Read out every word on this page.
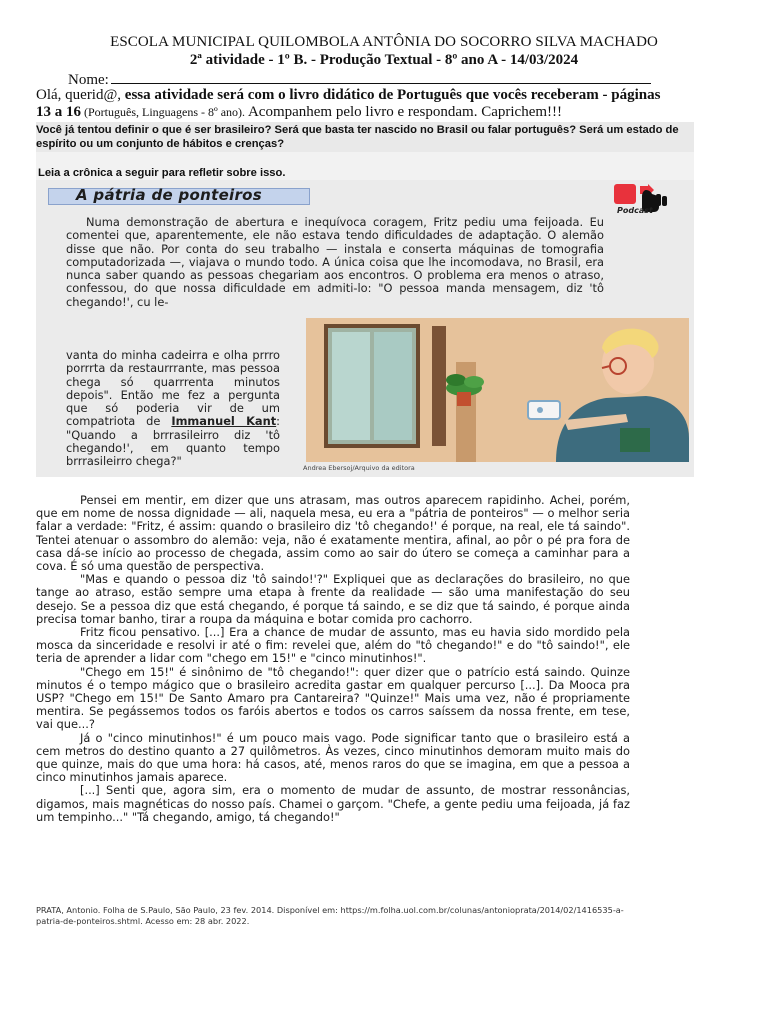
ESCOLA MUNICIPAL QUILOMBOLA ANTÔNIA DO SOCORRO SILVA MACHADO
2ª atividade - 1º B. - Produção Textual - 8º ano A - 14/03/2024
Nome:
Olá, querid@, essa atividade será com o livro didático de Português que vocês receberam - páginas 13 a 16 (Português, Linguagens - 8º ano). Acompanhem pelo livro e respondam. Caprichem!!!
Você já tentou definir o que é ser brasileiro? Será que basta ter nascido no Brasil ou falar português? Será um estado de espírito ou um conjunto de hábitos e crenças?
Leia a crônica a seguir para refletir sobre isso.
A pátria de ponteiros
Podcast

Numa demonstração de abertura e inequívoca coragem, Fritz pediu uma feijoada. Eu comentei que, aparentemente, ele não estava tendo dificuldades de adaptação. O alemão disse que não. Por conta do seu trabalho — instala e conserta máquinas de tomografia computadorizada —, viajava o mundo todo. A única coisa que lhe incomodava, no Brasil, era nunca saber quando as pessoas chegariam aos encontros. O problema era menos o atraso, confessou, do que nossa dificuldade em admiti-lo: "O pessoa manda mensagem, diz 'tô chegando!', cu le-

vanta do minha cadeirra e olha prrro porrrta da restaurrrante, mas pessoa chega só quarrrenta minutos depois". Então me fez a pergunta que só poderia vir de um compatriota de Immanuel Kant: "Quando a brrrasileirro diz 'tô chegando!', em quanto tempo brrrasileirro chega?"	Andrea Ebersoj/Arquivo da editora

Pensei em mentir, em dizer que uns atrasam, mas outros aparecem rapidinho. Achei, porém, que em nome de nossa dignidade — ali, naquela mesa, eu era a "pátria de ponteiros" — o melhor seria falar a verdade: "Fritz, é assim: quando o brasileiro diz 'tô chegando!' é porque, na real, ele tá saindo". Tentei atenuar o assombro do alemão: veja, não é exatamente mentira, afinal, ao pôr o pé pra fora de casa dá-se início ao processo de chegada, assim como ao sair do útero se começa a caminhar para a cova. É só uma questão de perspectiva.

"Mas e quando o pessoa diz 'tô saindo!'?" Expliquei que as declarações do brasileiro, no que tange ao atraso, estão sempre uma etapa à frente da realidade — são uma manifestação do seu desejo. Se a pessoa diz que está chegando, é porque tá saindo, e se diz que tá saindo, é porque ainda precisa tomar banho, tirar a roupa da máquina e botar comida pro cachorro.

Fritz ficou pensativo. [...] Era a chance de mudar de assunto, mas eu havia sido mordido pela mosca da sinceridade e resolvi ir até o fim: revelei que, além do "tô chegando!" e do "tô saindo!", ele teria de aprender a lidar com "chego em 15!" e "cinco minutinhos!".

"Chego em 15!" é sinônimo de "tô chegando!": quer dizer que o patrício está saindo. Quinze minutos é o tempo mágico que o brasileiro acredita gastar em qualquer percurso [...]. Da Mooca pra USP? "Chego em 15!" De Santo Amaro pra Cantareira? "Quinze!" Mais uma vez, não é propriamente mentira. Se pegássemos todos os faróis abertos e todos os carros saíssem da nossa frente, em tese, vai que...?

Já o "cinco minutinhos!" é um pouco mais vago. Pode significar tanto que o brasileiro está a cem metros do destino quanto a 27 quilômetros. Às vezes, cinco minutinhos demoram muito mais do que quinze, mais do que uma hora: há casos, até, menos raros do que se imagina, em que a pessoa a cinco minutinhos jamais aparece.

[...] Senti que, agora sim, era o momento de mudar de assunto, de mostrar ressonâncias, digamos, mais magnéticas do nosso país. Chamei o garçom. "Chefe, a gente pediu uma feijoada, já faz um tempinho..." "Tá chegando, amigo, tá chegando!"

PRATA, Antonio. Folha de S.Paulo, São Paulo, 23 fev. 2014. Disponível em: https://m.folha.uol.com.br/colunas/antonioprata/2014/02/1416535-a-patria-de-ponteiros.shtml. Acesso em: 28 abr. 2022.
